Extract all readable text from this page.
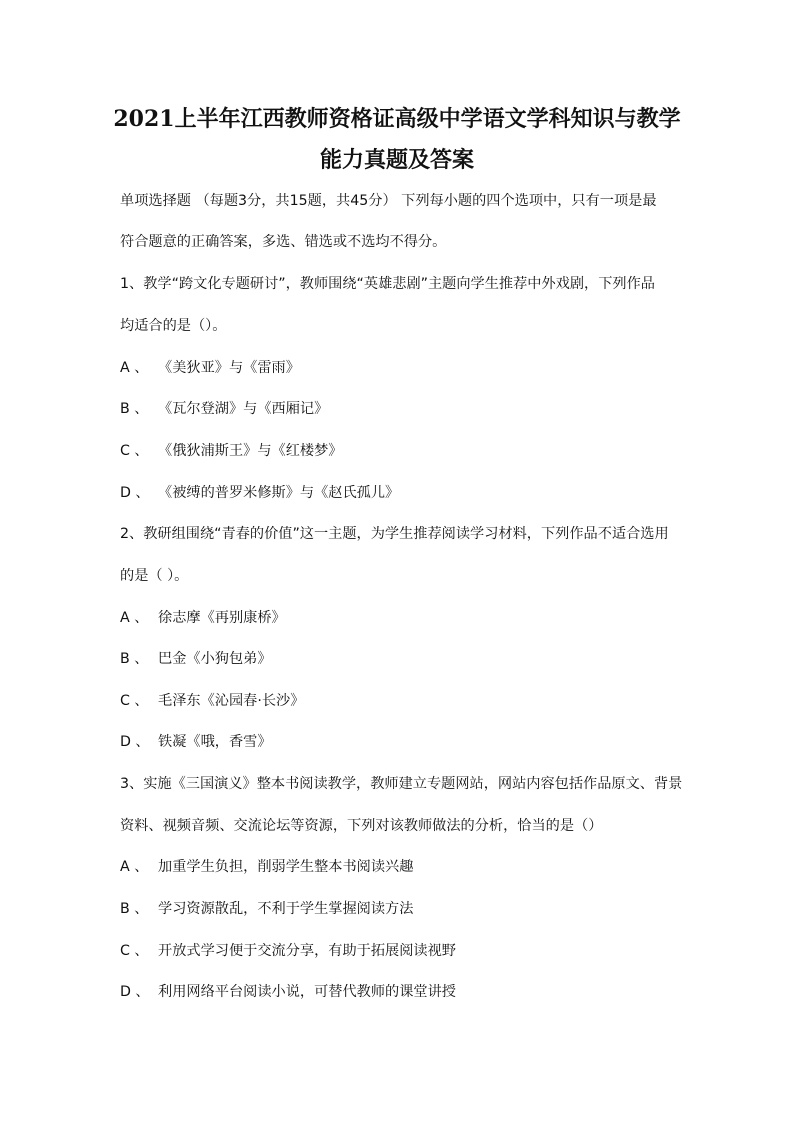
2021上半年江西教师资格证高级中学语文学科知识与教学
能力真题及答案
单项选择题 （每题3分，共15题，共45分） 下列每小题的四个选项中，只有一项是最
符合题意的正确答案，多选、错选或不选均不得分。
1、教学“跨文化专题研讨”，教师围绕“英雄悲剧”主题向学生推荐中外戏剧，下列作品
均适合的是（）。
A 、 《美狄亚》与《雷雨》
B 、 《瓦尔登湖》与《西厢记》
C 、 《俄狄浦斯王》与《红楼梦》
D 、 《被缚的普罗米修斯》与《赵氏孤儿》
2、教研组围绕“青春的价值”这一主题，为学生推荐阅读学习材料，下列作品不适合选用
的是（ ）。
A 、 徐志摩《再别康桥》
B 、 巴金《小狗包弟》
C 、 毛泽东《沁园春·长沙》
D 、 铁凝《哦，香雪》
3、实施《三国演义》整本书阅读教学，教师建立专题网站，网站内容包括作品原文、背景
资料、视频音频、交流论坛等资源，下列对该教师做法的分析，恰当的是（）
A 、 加重学生负担，削弱学生整本书阅读兴趣
B 、 学习资源散乱，不利于学生掌握阅读方法
C 、 开放式学习便于交流分享，有助于拓展阅读视野
D 、 利用网络平台阅读小说，可替代教师的课堂讲授
